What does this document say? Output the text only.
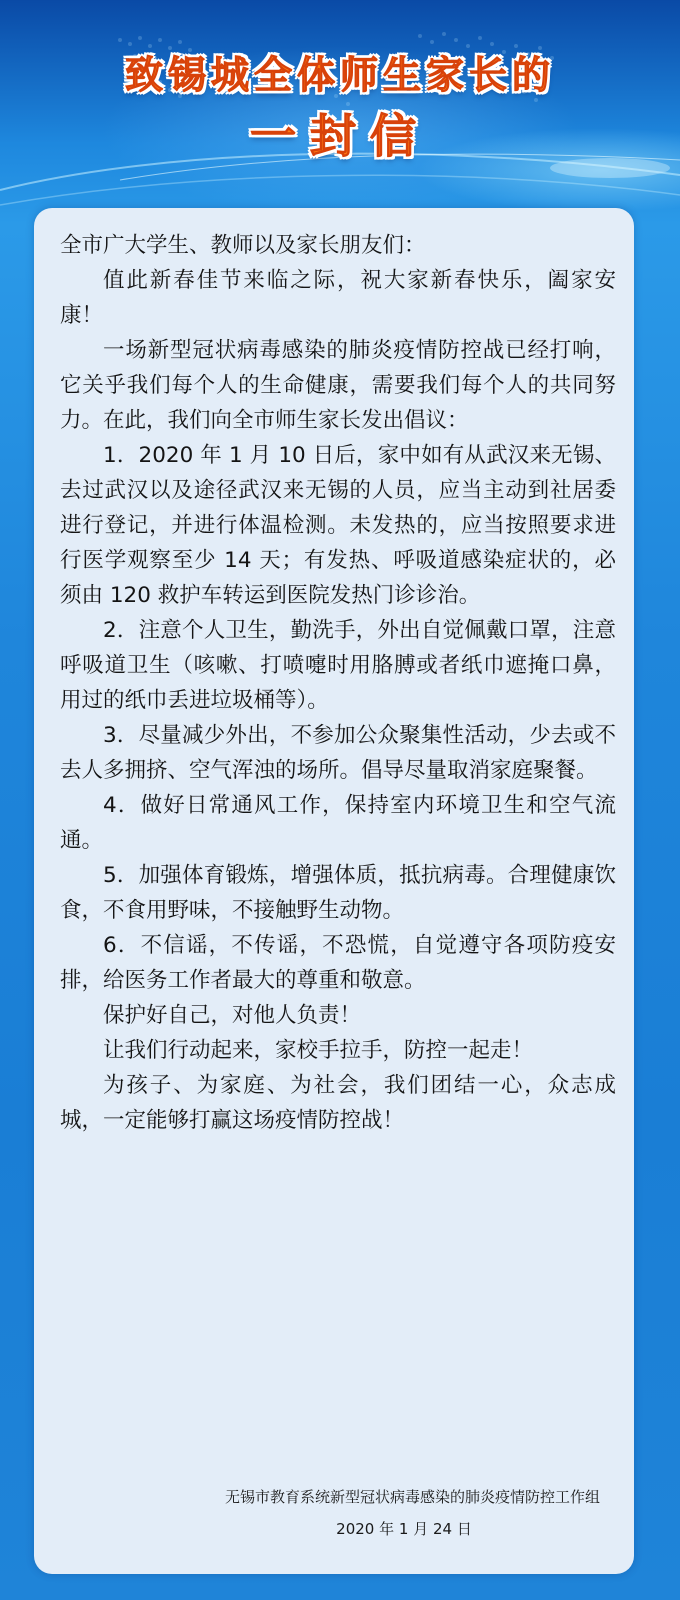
致锡城全体师生家长的
一封信

全市广大学生、教师以及家长朋友们：

值此新春佳节来临之际，祝大家新春快乐，阖家安康！

一场新型冠状病毒感染的肺炎疫情防控战已经打响，它关乎我们每个人的生命健康，需要我们每个人的共同努力。在此，我们向全市师生家长发出倡议：

1．2020 年 1 月 10 日后，家中如有从武汉来无锡、去过武汉以及途径武汉来无锡的人员，应当主动到社居委进行登记，并进行体温检测。未发热的，应当按照要求进行医学观察至少 14 天；有发热、呼吸道感染症状的，必须由 120 救护车转运到医院发热门诊诊治。

2．注意个人卫生，勤洗手，外出自觉佩戴口罩，注意呼吸道卫生（咳嗽、打喷嚏时用胳膊或者纸巾遮掩口鼻，用过的纸巾丢进垃圾桶等）。

3．尽量减少外出，不参加公众聚集性活动，少去或不去人多拥挤、空气浑浊的场所。倡导尽量取消家庭聚餐。

4．做好日常通风工作，保持室内环境卫生和空气流通。

5．加强体育锻炼，增强体质，抵抗病毒。合理健康饮食，不食用野味，不接触野生动物。

6．不信谣，不传谣，不恐慌，自觉遵守各项防疫安排，给医务工作者最大的尊重和敬意。

保护好自己，对他人负责！

让我们行动起来，家校手拉手，防控一起走！

为孩子、为家庭、为社会，我们团结一心，众志成城，一定能够打赢这场疫情防控战！

无锡市教育系统新型冠状病毒感染的肺炎疫情防控工作组
2020 年 1 月 24 日
